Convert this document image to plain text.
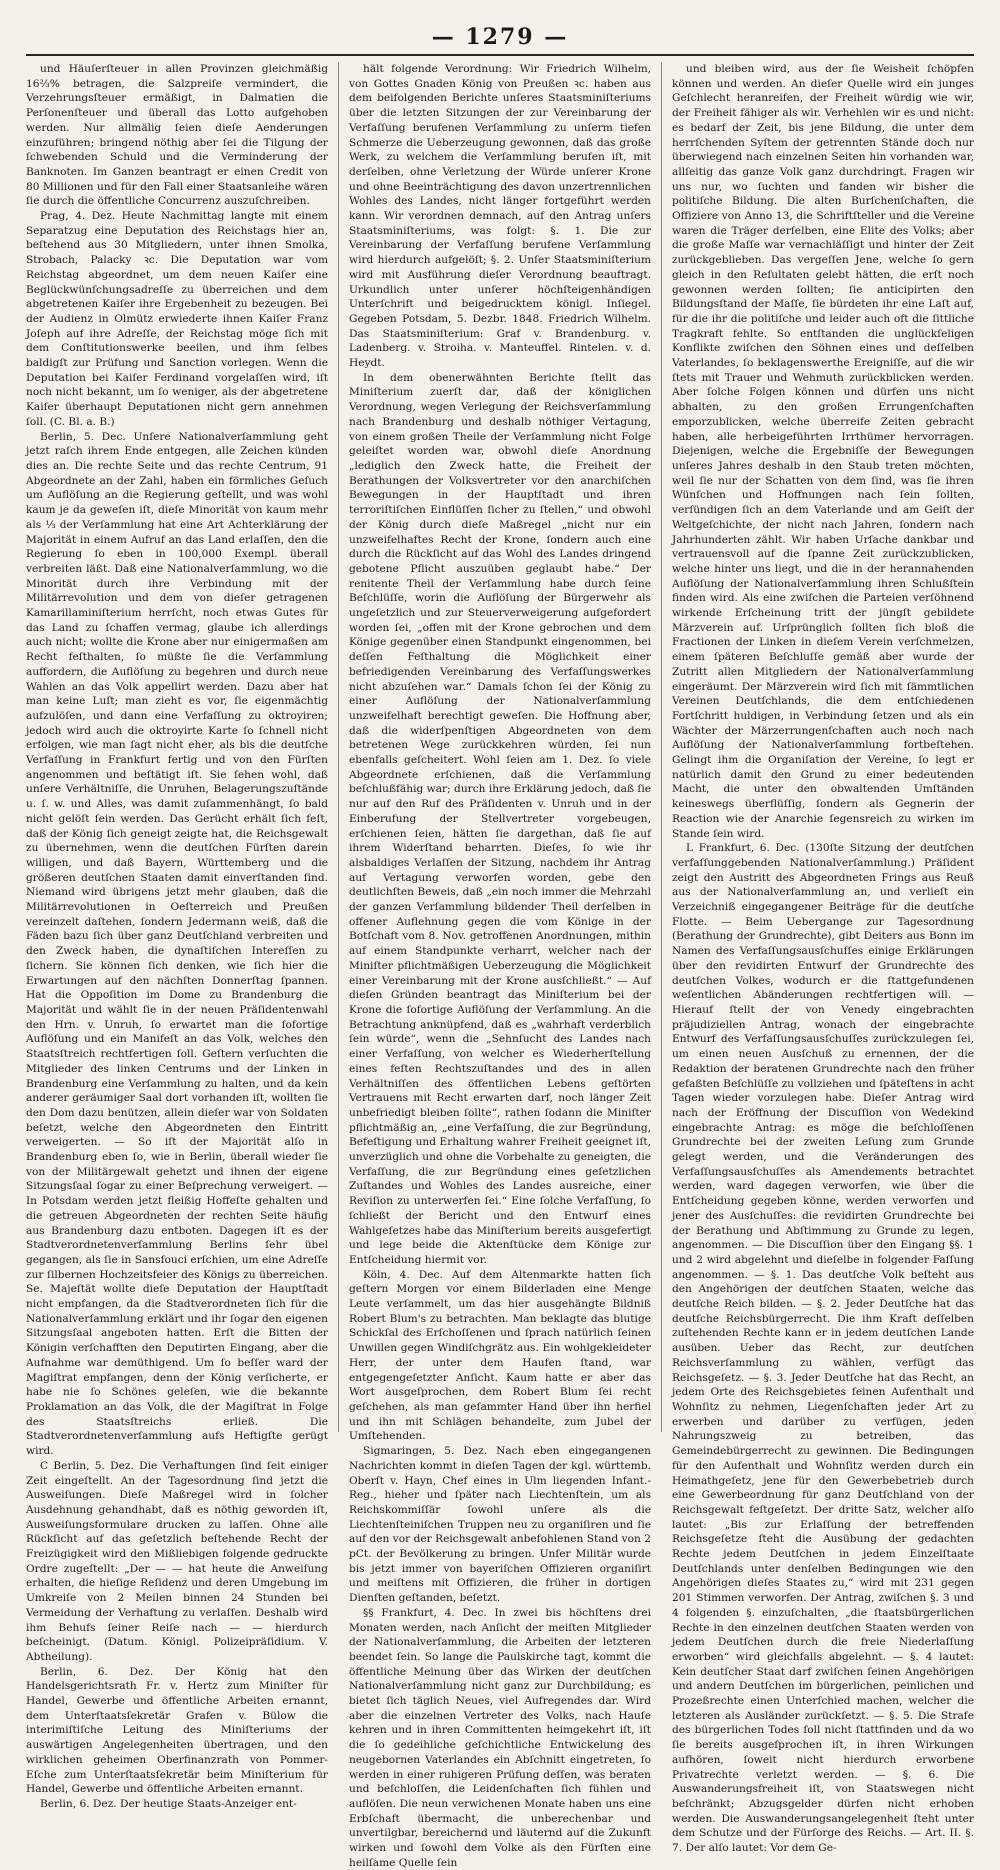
— 1279 —

und Häuſerſteuer in allen Provinzen gleichmäßig 16⅔% betragen, die Salzpreiſe vermindert, die Verzehrungsſteuer ermäßigt, in Dalmatien die Perſonenſteuer und überall das Lotto aufgehoben werden. Nur allmälig ſeien dieſe Aenderungen einzuführen; bringend nöthig aber ſei die Tilgung der ſchwebenden Schuld und die Verminderung der Banknoten. Im Ganzen beantragt er einen Credit von 80 Millionen und für den Fall einer Staatsanleihe wären ſie durch die öffentliche Concurrenz auszuſchreiben.

Prag, 4. Dez. Heute Nachmittag langte mit einem Separatzug eine Deputation des Reichstags hier an, beſtehend aus 30 Mitgliedern, unter ihnen Smolka, Strobach, Palacky ꝛc. Die Deputation war vom Reichstag abgeordnet, um dem neuen Kaiſer eine Beglückwünſchungsadreſſe zu überreichen und dem abgetretenen Kaiſer ihre Ergebenheit zu bezeugen. Bei der Audienz in Olmütz erwiederte ihnen Kaiſer Franz Joſeph auf ihre Adreſſe, der Reichstag möge ſich mit dem Conſtitutionswerke beeilen, und ihm ſelbes baldigſt zur Prüfung und Sanction vorlegen. Wenn die Deputation bei Kaiſer Ferdinand vorgelaſſen wird, iſt noch nicht bekannt, um ſo weniger, als der abgetretene Kaiſer überhaupt Deputationen nicht gern annehmen ſoll. (C. Bl. a. B.)

Berlin, 5. Dec. Unſere Nationalverſammlung geht jetzt raſch ihrem Ende entgegen, alle Zeichen künden dies an. Die rechte Seite und das rechte Centrum, 91 Abgeordnete an der Zahl, haben ein förmliches Geſuch um Auflöſung an die Regierung geſtellt, und was wohl kaum je da geweſen iſt, dieſe Minorität von kaum mehr als ⅓ der Verſammlung hat eine Art Achterklärung der Majorität in einem Aufruf an das Land erlaſſen, den die Regierung ſo eben in 100,000 Exempl. überall verbreiten läßt. Daß eine Nationalverſammlung, wo die Minorität durch ihre Verbindung mit der Militärrevolution und dem von dieſer getragenen Kamarillaminiſterium herrſcht, noch etwas Gutes für das Land zu ſchaffen vermag, glaube ich allerdings auch nicht; wollte die Krone aber nur einigermaßen am Recht feſthalten, ſo müßte ſie die Verſammlung auffordern, die Auflöſung zu begehren und durch neue Wahlen an das Volk appellirt werden. Dazu aber hat man keine Luſt; man zieht es vor, ſie eigenmächtig aufzulöſen, und dann eine Verfaſſung zu oktroyiren; jedoch wird auch die oktroyirte Karte ſo ſchnell nicht erfolgen, wie man ſagt nicht eher, als bis die deutſche Verfaſſung in Frankfurt fertig und von den Fürſten angenommen und beſtätigt iſt. Sie ſehen wohl, daß unſere Verhältniſſe, die Unruhen, Belagerungszuſtände u. ſ. w. und Alles, was damit zuſammenhängt, ſo bald nicht gelöſt ſein werden. Das Gerücht erhält ſich feſt, daß der König ſich geneigt zeigte hat, die Reichsgewalt zu übernehmen, wenn die deutſchen Fürſten darein willigen, und daß Bayern, Württemberg und die größeren deutſchen Staaten damit einverſtanden ſind. Niemand wird übrigens jetzt mehr glauben, daß die Militärrevolutionen in Oeſterreich und Preußen vereinzelt daſtehen, ſondern Jedermann weiß, daß die Fäden bazu ſich über ganz Deutſchland verbreiten und den Zweck haben, die dynaſtiſchen Intereſſen zu ſichern. Sie können ſich denken, wie ſich hier die Erwartungen auf den nächſten Donnerſtag ſpannen. Hat die Oppoſition im Dome zu Brandenburg die Majorität und wählt ſie in der neuen Präſidentenwahl den Hrn. v. Unruh, ſo erwartet man die ſofortige Auflöſung und ein Manifeſt an das Volk, welches den Staatsſtreich rechtfertigen ſoll. Geſtern verſuchten die Mitglieder des linken Centrums und der Linken in Brandenburg eine Verſammlung zu halten, und da kein anderer geräumiger Saal dort vorhanden iſt, wollten ſie den Dom dazu benützen, allein dieſer war von Soldaten beſetzt, welche den Abgeordneten den Eintritt verweigerten. — So iſt der Majorität alſo in Brandenburg eben ſo, wie in Berlin, überall wieder ſie von der Militärgewalt gehetzt und ihnen der eigene Sitzungsſaal ſogar zu einer Beſprechung verweigert. — In Potsdam werden jetzt fleißig Hoffeſte gehalten und die getreuen Abgeordneten der rechten Seite häufig aus Brandenburg dazu entboten. Dagegen iſt es der Stadtverordnetenverſammlung Berlins ſehr übel gegangen, als ſie in Sansſouci erſchien, um eine Adreſſe zur ſilbernen Hochzeitsfeier des Königs zu überreichen. Se. Majeſtät wollte dieſe Deputation der Hauptſtadt nicht empfangen, da die Stadtverordneten ſich für die Nationalverſammlung erklärt und ihr ſogar den eigenen Sitzungsſaal angeboten hatten. Erſt die Bitten der Königin verſchafften den Deputirten Eingang, aber die Aufnahme war demüthigend. Um ſo beſſer ward der Magiſtrat empfangen, denn der König verſicherte, er habe nie ſo Schönes geleſen, wie die bekannte Proklamation an das Volk, die der Magiſtrat in Folge des Staatsſtreichs erließ. Die Stadtverordnetenverſammlung aufs Heftigſte gerügt wird.

C Berlin, 5. Dez. Die Verhaftungen ſind ſeit einiger Zeit eingeſtellt. An der Tagesordnung ſind jetzt die Ausweiſungen. Dieſe Maßregel wird in ſolcher Ausdehnung gehandhabt, daß es nöthig geworden iſt, Ausweiſungsformulare drucken zu laſſen. Ohne alle Rückſicht auf das geſetzlich beſtehende Recht der Freizügigkeit wird den Mißliebigen folgende gedruckte Ordre zugeſtellt: „Der — — hat heute die Anweiſung erhalten, die hieſige Reſidenz und deren Umgebung im Umkreiſe von 2 Meilen binnen 24 Stunden bei Vermeidung der Verhaftung zu verlaſſen. Deshalb wird ihm Behufs ſeiner Reiſe nach — — hierdurch beſcheinigt. (Datum. Königl. Polizeipräſidium. V. Abtheilung).

Berlin, 6. Dez. Der König hat den Handelsgerichtsrath Fr. v. Hertz zum Miniſter für Handel, Gewerbe und öffentliche Arbeiten ernannt, dem Unterſtaatsſekretär Grafen v. Bülow die interimiſtiſche Leitung des Miniſteriums der auswärtigen Angelegenheiten übertragen, und den wirklichen geheimen Oberfinanzrath von Pommer-Eſche zum Unterſtaatsſekretär beim Miniſterium für Handel, Gewerbe und öffentliche Arbeiten ernannt.

Berlin, 6. Dez. Der heutige Staats-Anzeiger ent-

hält folgende Verordnung: Wir Friedrich Wilhelm, von Gottes Gnaden König von Preußen ꝛc. haben aus dem beifolgenden Berichte unſeres Staatsminiſteriums über die letzten Sitzungen der zur Vereinbarung der Verfaſſung berufenen Verſammlung zu unſerm tiefen Schmerze die Ueberzeugung gewonnen, daß das große Werk, zu welchem die Verſammlung berufen iſt, mit derſelben, ohne Verletzung der Würde unſerer Krone und ohne Beeinträchtigung des davon unzertrennlichen Wohles des Landes, nicht länger fortgeführt werden kann. Wir verordnen demnach, auf den Antrag unſers Staatsminiſteriums, was folgt: §. 1. Die zur Vereinbarung der Verfaſſung berufene Verſammlung wird hierdurch aufgelöſt; §. 2. Unſer Staatsminiſterium wird mit Ausführung dieſer Verordnung beauftragt. Urkundlich unter unſerer höchſteigenhändigen Unterſchrift und beigedrucktem königl. Inſiegel. Gegeben Potsdam, 5. Dezbr. 1848. Friedrich Wilhelm. Das Staatsminiſterium: Graf v. Brandenburg. v. Ladenberg. v. Stroiha. v. Manteuffel. Rintelen. v. d. Heydt.

In dem obenerwähnten Berichte ſtellt das Miniſterium zuerſt dar, daß der königlichen Verordnung, wegen Verlegung der Reichsverſammlung nach Brandenburg und deshalb nöthiger Vertagung, von einem großen Theile der Verſammlung nicht Folge geleiſtet worden war, obwohl dieſe Anordnung „lediglich den Zweck hatte, die Freiheit der Berathungen der Volksvertreter vor den anarchiſchen Bewegungen in der Hauptſtadt und ihren terroriſtiſchen Einflüſſen ſicher zu ſtellen,“ und obwohl der König durch dieſe Maßregel „nicht nur ein unzweifelhaftes Recht der Krone, ſondern auch eine durch die Rückſicht auf das Wohl des Landes dringend gebotene Pflicht auszuüben geglaubt habe.“ Der renitente Theil der Verſammlung habe durch ſeine Beſchlüſſe, worin die Auflöſung der Bürgerwehr als ungeſetzlich und zur Steuerverweigerung aufgefordert worden ſei, „offen mit der Krone gebrochen und dem Könige gegenüber einen Standpunkt eingenommen, bei deſſen Feſthaltung die Möglichkeit einer befriedigenden Vereinbarung des Verfaſſungswerkes nicht abzuſehen war.“ Damals ſchon ſei der König zu einer Auflöſung der Nationalverſammlung unzweifelhaft berechtigt geweſen. Die Hoffnung aber, daß die widerſpenſtigen Abgeordneten von dem betretenen Wege zurückkehren würden, ſei nun ebenfalls geſcheitert. Wohl ſeien am 1. Dez. ſo viele Abgeordnete erſchienen, daß die Verſammlung beſchlußfähig war; durch ihre Erklärung jedoch, daß ſie nur auf den Ruf des Präſidenten v. Unruh und in der Einberufung der Stellvertreter vorgebeugen, erſchienen ſeien, hätten ſie dargethan, daß ſie auf ihrem Widerſtand beharrten. Dieſes, ſo wie ihr alsbaldiges Verlaſſen der Sitzung, nachdem ihr Antrag auf Vertagung verworfen worden, gebe den deutlichſten Beweis, daß „ein noch immer die Mehrzahl der ganzen Verſammlung bildender Theil derſelben in offener Auflehnung gegen die vom Könige in der Botſchaft vom 8. Nov. getroffenen Anordnungen, mithin auf einem Standpunkte verharrt, welcher nach der Miniſter pflichtmäßigen Ueberzeugung die Möglichkeit einer Vereinbarung mit der Krone ausſchließt.“ — Auf dieſen Gründen beantragt das Miniſterium bei der Krone die ſofortige Auflöſung der Verſammlung. An die Betrachtung anknüpfend, daß es „wahrhaft verderblich ſein würde“, wenn die „Sehnſucht des Landes nach einer Verfaſſung, von welcher es Wiederherſtellung eines feſten Rechtszuſtandes und des in allen Verhältniſſen des öffentlichen Lebens geſtörten Vertrauens mit Recht erwarten darf, noch länger Zeit unbefriedigt bleiben ſollte“, rathen ſodann die Miniſter pflichtmäßig an, „eine Verfaſſung, die zur Begründung, Befeſtigung und Erhaltung wahrer Freiheit geeignet iſt, unverzüglich und ohne die Vorbehalte zu geneigten, die Verfaſſung, die zur Begründung eines geſetzlichen Zuſtandes und Wohles des Landes ausreiche, einer Reviſion zu unterwerfen ſei.“ Eine ſolche Verfaſſung, ſo ſchließt der Bericht und den Entwurf eines Wahlgeſetzes habe das Miniſterium bereits ausgefertigt und lege beide die Aktenſtücke dem Könige zur Entſcheidung hiermit vor.

Köln, 4. Dec. Auf dem Altenmarkte hatten ſich geſtern Morgen vor einem Bilderladen eine Menge Leute verſammelt, um das hier ausgehängte Bildniß Robert Blum's zu betrachten. Man beklagte das blutige Schickſal des Erſchoſſenen und ſprach natürlich ſeinen Unwillen gegen Windiſchgrätz aus. Ein wohlgekleideter Herr, der unter dem Haufen ſtand, war entgegengeſetzter Anſicht. Kaum hatte er aber das Wort ausgeſprochen, dem Robert Blum ſei recht geſchehen, als man geſammter Hand über ihn herfiel und ihn mit Schlägen behandelte, zum Jubel der Umſtehenden.

Sigmaringen, 5. Dez. Nach eben eingegangenen Nachrichten kommt in dieſen Tagen der kgl. württemb. Oberſt v. Hayn, Chef eines in Ulm liegenden Infant.-Reg., hieher und ſpäter nach Liechtenſtein, um als Reichskommiſſär ſowohl unſere als die Liechtenſteiniſchen Truppen neu zu organiſiren und ſie auf den vor der Reichsgewalt anbefohlenen Stand von 2 pCt. der Bevölkerung zu bringen. Unſer Militär wurde bis jetzt immer von bayeriſchen Offizieren organiſirt und meiſtens mit Offizieren, die früher in dortigen Dienſten geſtanden, beſetzt.

§§ Frankfurt, 4. Dec. In zwei bis höchſtens drei Monaten werden, nach Anſicht der meiſten Mitglieder der Nationalverſammlung, die Arbeiten der letzteren beendet ſein. So lange die Paulskirche tagt, kommt die öffentliche Meinung über das Wirken der deutſchen Nationalverſammlung nicht ganz zur Durchbildung; es bietet ſich täglich Neues, viel Aufregendes dar. Wird aber die einzelnen Vertreter des Volks, nach Hauſe kehren und in ihren Committenten heimgekehrt iſt, iſt die ſo gedeihliche geſchichtliche Entwickelung des neugebornen Vaterlandes ein Abſchnitt eingetreten, ſo werden in einer ruhigeren Prüfung deſſen, was beraten und beſchloſſen, die Leidenſchaften ſich fühlen und auflöſen. Die neun verwichenen Monate haben uns eine Erbſchaft übermacht, die unberechenbar und unvertilgbar, bereichernd und läuternd auf die Zukunft wirken und ſowohl dem Volke als den Fürſten eine heilſame Quelle ſein

und bleiben wird, aus der ſie Weisheit ſchöpfen können und werden. An dieſer Quelle wird ein junges Geſchlecht heranreifen, der Freiheit würdig wie wir, der Freiheit fähiger als wir. Verhehlen wir es und nicht: es bedarf der Zeit, bis jene Bildung, die unter dem herrſchenden Syſtem der getrennten Stände doch nur überwiegend nach einzelnen Seiten hin vorhanden war, allſeitig das ganze Volk ganz durchdringt. Fragen wir uns nur, wo ſuchten und fanden wir bisher die politiſche Bildung. Die alten Burſchenſchaften, die Offiziere von Anno 13, die Schriftſteller und die Vereine waren die Träger derſelben, eine Elite des Volks; aber die große Maſſe war vernachläſſigt und hinter der Zeit zurückgeblieben. Das vergeſſen Jene, welche ſo gern gleich in den Reſultaten gelebt hätten, die erſt noch gewonnen werden ſollten; ſie anticipirten den Bildungsſtand der Maſſe, ſie bürdeten ihr eine Laſt auf, für die ihr die politiſche und leider auch oft die ſittliche Tragkraft fehlte. So entſtanden die unglückſeligen Konflikte zwiſchen den Söhnen eines und deſſelben Vaterlandes, ſo beklagenswerthe Ereigniſſe, auf die wir ſtets mit Trauer und Wehmuth zurückblicken werden. Aber ſolche Folgen können und dürfen uns nicht abhalten, zu den großen Errungenſchaften emporzublicken, welche überreife Zeiten gebracht haben, alle herbeigeführten Irrthümer hervorragen. Diejenigen, welche die Ergebniſſe der Bewegungen unſeres Jahres deshalb in den Staub treten möchten, weil ſie nur der Schatten von dem ſind, was ſie ihren Wünſchen und Hoffnungen nach ſein ſollten, verſündigen ſich an dem Vaterlande und am Geiſt der Weltgeſchichte, der nicht nach Jahren, ſondern nach Jahrhunderten zählt. Wir haben Urſache dankbar und vertrauensvoll auf die ſpanne Zeit zurückzublicken, welche hinter uns liegt, und die in der herannahenden Auflöſung der Nationalverſammlung ihren Schlußſtein finden wird. Als eine zwiſchen die Parteien verſöhnend wirkende Erſcheinung tritt der jüngſt gebildete Märzverein auf. Urſprünglich ſollten ſich bloß die Fractionen der Linken in dieſem Verein verſchmelzen, einem ſpäteren Beſchluſſe gemäß aber wurde der Zutritt allen Mitgliedern der Nationalverſammlung eingeräumt. Der Märzverein wird ſich mit ſämmtlichen Vereinen Deutſchlands, die dem entſchiedenen Fortſchritt huldigen, in Verbindung ſetzen und als ein Wächter der Märzerrungenſchaften auch noch nach Auflöſung der Nationalverſammlung fortbeſtehen. Gelingt ihm die Organiſation der Vereine, ſo legt er natürlich damit den Grund zu einer bedeutenden Macht, die unter den obwaltenden Umſtänden keineswegs überflüſſig, ſondern als Gegnerin der Reaction wie der Anarchie ſegensreich zu wirken im Stande ſein wird.

L Frankfurt, 6. Dec. (130ſte Sitzung der deutſchen verfaſſunggebenden Nationalverſammlung.) Präſident zeigt den Austritt des Abgeordneten Frings aus Reuß aus der Nationalverſammlung an, und verlieſt ein Verzeichniß eingegangener Beiträge für die deutſche Flotte. — Beim Uebergange zur Tagesordnung (Berathung der Grundrechte), gibt Deiters aus Bonn im Namen des Verfaſſungsausſchuſſes einige Erklärungen über den revidirten Entwurf der Grundrechte des deutſchen Volkes, wodurch er die ſtattgefundenen weſentlichen Abänderungen rechtfertigen will. — Hierauf ſtellt der von Venedy eingebrachten präjudiziellen Antrag, wonach der eingebrachte Entwurf des Verfaſſungsausſchuſſes zurückzulegen ſei, um einen neuen Ausſchuß zu ernennen, der die Redaktion der beratenen Grundrechte nach den früher gefaßten Beſchlüſſe zu vollziehen und ſpäteſtens in acht Tagen wieder vorzulegen habe. Dieſer Antrag wird nach der Eröffnung der Discuſſion von Wedekind eingebrachte Antrag: es möge die beſchloſſenen Grundrechte bei der zweiten Leſung zum Grunde gelegt werden, und die Veränderungen des Verfaſſungsausſchuſſes als Amendements betrachtet werden, ward dagegen verworfen, wie über die Entſcheidung gegeben könne, werden verworfen und jener des Ausſchuſſes: die revidirten Grundrechte bei der Berathung und Abſtimmung zu Grunde zu legen, angenommen. — Die Discuſſion über den Eingang §§. 1 und 2 wird abgelehnt und dieſelbe in folgender Faſſung angenommen. — §. 1. Das deutſche Volk beſteht aus den Angehörigen der deutſchen Staaten, welche das deutſche Reich bilden. — §. 2. Jeder Deutſche hat das deutſche Reichsbürgerrecht. Die ihm Kraft deſſelben zuſtehenden Rechte kann er in jedem deutſchen Lande ausüben. Ueber das Recht, zur deutſchen Reichsverſammlung zu wählen, verfügt das Reichsgeſetz. — §. 3. Jeder Deutſche hat das Recht, an jedem Orte des Reichsgebietes ſeinen Aufenthalt und Wohnſitz zu nehmen, Liegenſchaften jeder Art zu erwerben und darüber zu verfügen, jeden Nahrungszweig zu betreiben, das Gemeindebürgerrecht zu gewinnen. Die Bedingungen für den Aufenthalt und Wohnſitz werden durch ein Heimathgeſetz, jene für den Gewerbebetrieb durch eine Gewerbeordnung für ganz Deutſchland von der Reichsgewalt feſtgeſetzt. Der dritte Satz, welcher alſo lautet: „Bis zur Erlaſſung der betreffenden Reichsgeſetze ſteht die Ausübung der gedachten Rechte jedem Deutſchen in jedem Einzelſtaate Deutſchlands unter denſelben Bedingungen wie den Angehörigen dieſes Staates zu,“ wird mit 231 gegen 201 Stimmen verworfen. Der Antrag, zwiſchen §. 3 und 4 folgenden §. einzuſchalten, „die ſtaatsbürgerlichen Rechte in den einzelnen deutſchen Staaten werden von jedem Deutſchen durch die freie Niederlaſſung erworben“ wird gleichfalls abgelehnt. — §. 4 lautet: Kein deutſcher Staat darf zwiſchen ſeinen Angehörigen und andern Deutſchen im bürgerlichen, peinlichen und Prozeßrechte einen Unterſchied machen, welcher die letzteren als Ausländer zurückſetzt. — §. 5. Die Strafe des bürgerlichen Todes ſoll nicht ſtattfinden und da wo ſie bereits ausgeſprochen iſt, in ihren Wirkungen aufhören, ſoweit nicht hierdurch erworbene Privatrechte verletzt werden. — §. 6. Die Auswanderungsfreiheit iſt, von Staatswegen nicht beſchränkt; Abzugsgelder dürfen nicht erhoben werden. Die Auswanderungsangelegenheit ſteht unter dem Schutze und der Fürſorge des Reichs. — Art. II. §. 7. Der alſo lautet: Vor dem Ge-
